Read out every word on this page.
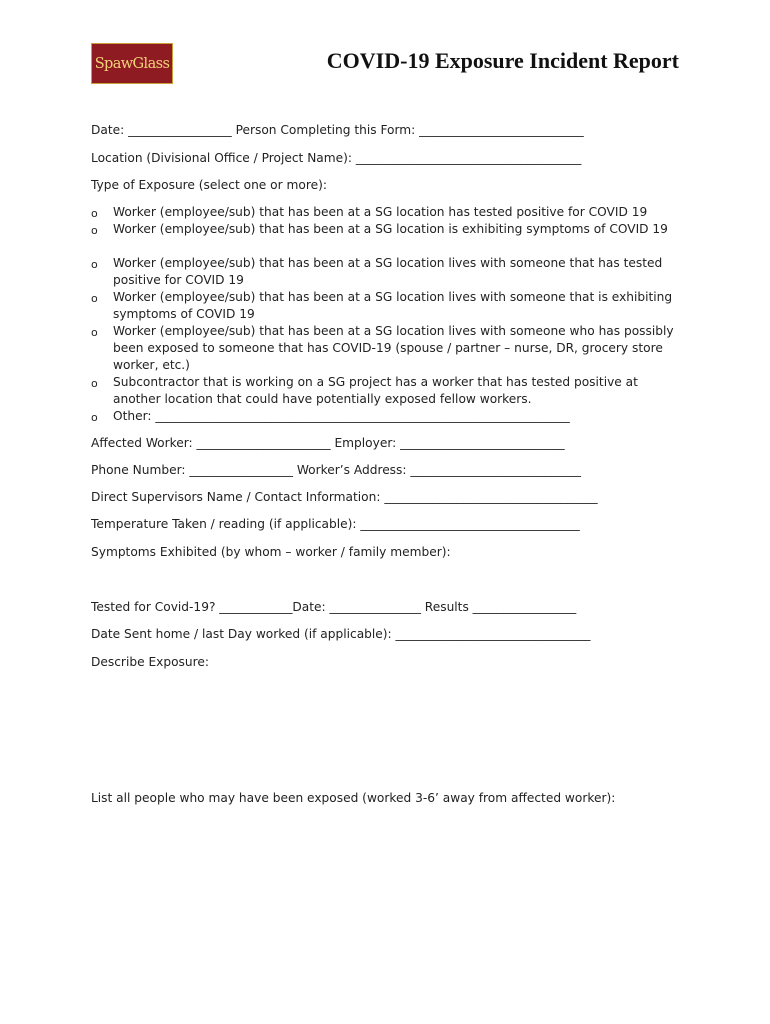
SpawGlass	COVID-19 Exposure Incident Report
Date: _________________ Person Completing this Form: ___________________________
Location (Divisional Office / Project Name): _____________________________________
Type of Exposure (select one or more):
o Worker (employee/sub) that has been at a SG location has tested positive for COVID 19
o Worker (employee/sub) that has been at a SG location is exhibiting symptoms of COVID 19
o Worker (employee/sub) that has been at a SG location lives with someone that has tested positive for COVID 19
o Worker (employee/sub) that has been at a SG location lives with someone that is exhibiting symptoms of COVID 19
o Worker (employee/sub) that has been at a SG location lives with someone who has possibly been exposed to someone that has COVID-19 (spouse / partner – nurse, DR, grocery store worker, etc.)
o Subcontractor that is working on a SG project has a worker that has tested positive at another location that could have potentially exposed fellow workers.
o Other: ____________________________________________________________________
Affected Worker: ______________________ Employer: ___________________________
Phone Number: _________________ Worker’s Address: ____________________________
Direct Supervisors Name / Contact Information: ___________________________________
Temperature Taken / reading (if applicable): ____________________________________
Symptoms Exhibited (by whom – worker / family member):
Tested for Covid-19? ____________Date: _______________ Results _________________
Date Sent home / last Day worked (if applicable): ________________________________
Describe Exposure:
List all people who may have been exposed (worked 3-6’ away from affected worker):
